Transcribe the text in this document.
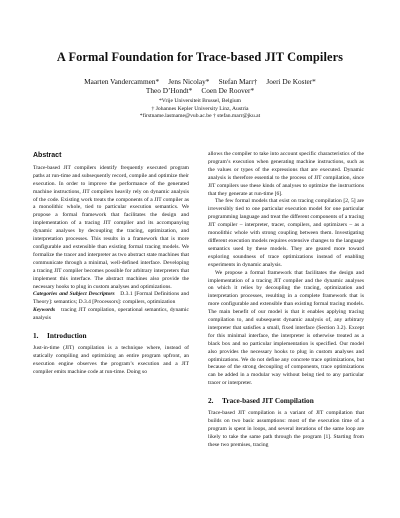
A Formal Foundation for Trace-based JIT Compilers
Maarten Vandercammen*     Jens Nicolay*     Stefan Marr†     Joeri De Koster*
Theo D’Hondt*     Coen De Roover*
*Vrije Universiteit Brussel, Belgium
† Johannes Kepler University Linz, Austria
*firstname.lastname@vub.ac.be † stefan.marr@jku.at
Abstract

Trace-based JIT compilers identify frequently executed program paths at run-time and subsequently record, compile and optimize their execution. In order to improve the performance of the generated machine instructions, JIT compilers heavily rely on dynamic analysis of the code. Existing work treats the components of a JIT compiler as a monolithic whole, tied to particular execution semantics. We propose a formal framework that facilitates the design and implementation of a tracing JIT compiler and its accompanying dynamic analyses by decoupling the tracing, optimization, and interpretation processes. This results in a framework that is more configurable and extensible than existing formal tracing models. We formalize the tracer and interpreter as two abstract state machines that communicate through a minimal, well-defined interface. Developing a tracing JIT compiler becomes possible for arbitrary interpreters that implement this interface. The abstract machines also provide the necessary hooks to plug in custom analyses and optimizations.

Categories and Subject Descriptors D.3.1 [Formal Definitions and Theory]: semantics; D.3.4 [Processors]: compilers, optimization

Keywords tracing JIT compilation, operational semantics, dynamic analysis

1. Introduction

Just-in-time (JIT) compilation is a technique where, instead of statically compiling and optimizing an entire program upfront, an execution engine observes the program’s execution and a JIT compiler emits machine code at run-time. Doing so

allows the compiler to take into account specific characteristics of the program’s execution when generating machine instructions, such as the values or types of the expressions that are executed. Dynamic analysis is therefore essential to the process of JIT compilation, since JIT compilers use these kinds of analyses to optimize the instructions that they generate at run-time [6].

The few formal models that exist on tracing compilation [2, 5] are irreversibly tied to one particular execution model for one particular programming language and treat the different components of a tracing JIT compiler – interpreter, tracer, compilers, and optimizers – as a monolithic whole with strong coupling between them. Investigating different execution models requires extensive changes to the language semantics used by these models. They are geared more toward exploring soundness of trace optimizations instead of enabling experiments in dynamic analysis.

We propose a formal framework that facilitates the design and implementation of a tracing JIT compiler and the dynamic analyses on which it relies by decoupling the tracing, optimization and interpretation processes, resulting in a complete framework that is more configurable and extensible than existing formal tracing models. The main benefit of our model is that it enables applying tracing compilation to, and subsequent dynamic analysis of, any arbitrary interpreter that satisfies a small, fixed interface (Section 3.2). Except for this minimal interface, the interpreter is otherwise treated as a black box and no particular implementation is specified. Our model also provides the necessary hooks to plug in custom analyses and optimizations. We do not define any concrete trace optimizations, but because of the strong decoupling of components, trace optimizations can be added in a modular way without being tied to any particular tracer or interpreter.

2. Trace-based JIT Compilation

Trace-based JIT compilation is a variant of JIT compilation that builds on two basic assumptions: most of the execution time of a program is spent in loops, and several iterations of the same loop are likely to take the same path through the program [1]. Starting from these two premises, tracing
